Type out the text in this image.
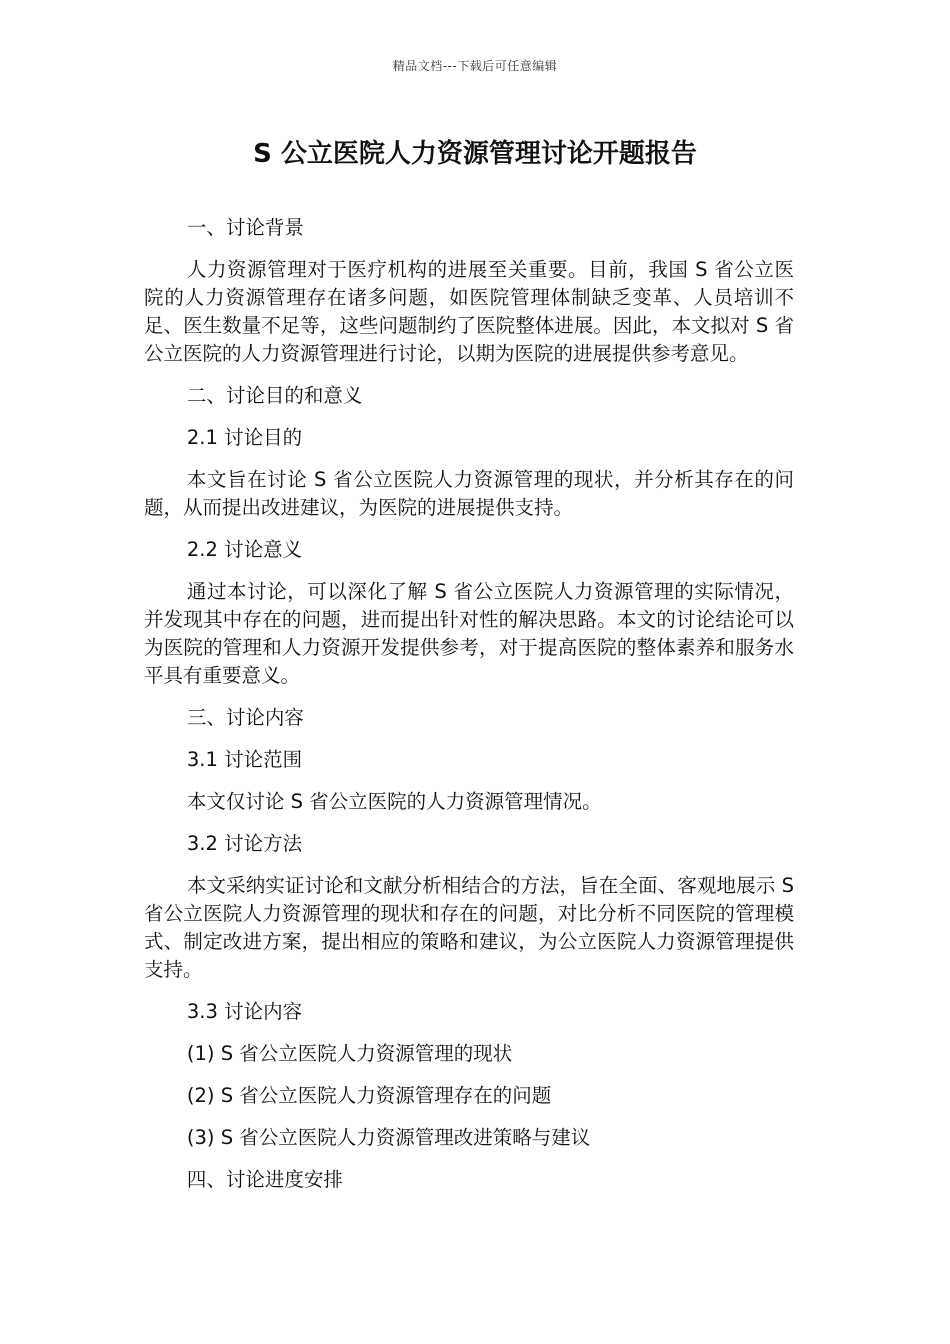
精品文档---下载后可任意编辑
S 公立医院人力资源管理讨论开题报告

一、讨论背景

人力资源管理对于医疗机构的进展至关重要。目前，我国 S 省公立医院的人力资源管理存在诸多问题，如医院管理体制缺乏变革、人员培训不足、医生数量不足等，这些问题制约了医院整体进展。因此，本文拟对 S 省公立医院的人力资源管理进行讨论，以期为医院的进展提供参考意见。

二、讨论目的和意义

2.1 讨论目的

本文旨在讨论 S 省公立医院人力资源管理的现状，并分析其存在的问题，从而提出改进建议，为医院的进展提供支持。

2.2 讨论意义

通过本讨论，可以深化了解 S 省公立医院人力资源管理的实际情况，并发现其中存在的问题，进而提出针对性的解决思路。本文的讨论结论可以为医院的管理和人力资源开发提供参考，对于提高医院的整体素养和服务水平具有重要意义。

三、讨论内容

3.1 讨论范围

本文仅讨论 S 省公立医院的人力资源管理情况。

3.2 讨论方法

本文采纳实证讨论和文献分析相结合的方法，旨在全面、客观地展示 S 省公立医院人力资源管理的现状和存在的问题，对比分析不同医院的管理模式、制定改进方案，提出相应的策略和建议，为公立医院人力资源管理提供支持。

3.3 讨论内容

(1) S 省公立医院人力资源管理的现状

(2) S 省公立医院人力资源管理存在的问题

(3) S 省公立医院人力资源管理改进策略与建议

四、讨论进度安排
